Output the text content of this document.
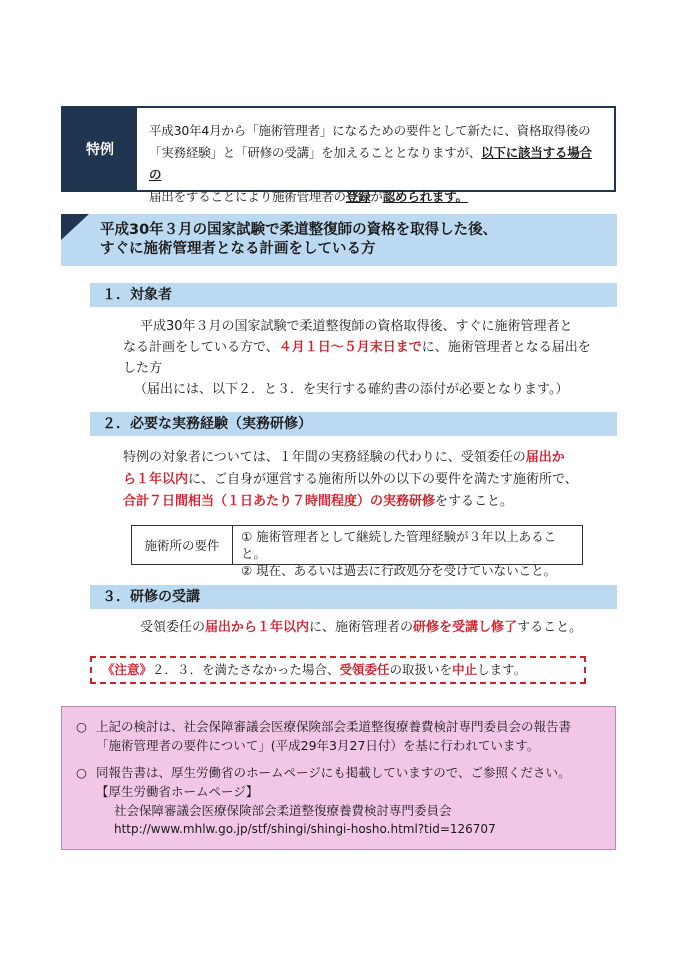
特例
平成30年4月から「施術管理者」になるための要件として新たに、資格取得後の
「実務経験」と「研修の受講」を加えることとなりますが、以下に該当する場合の
届出をすることにより施術管理者の登録が認められます。
平成30年３月の国家試験で柔道整復師の資格を取得した後、
すぐに施術管理者となる計画をしている方
１．対象者
平成30年３月の国家試験で柔道整復師の資格取得後、すぐに施術管理者と
なる計画をしている方で、４月１日～５月末日までに、施術管理者となる届出を
した方
（届出には、以下２．と３．を実行する確約書の添付が必要となります。）
２．必要な実務経験（実務研修）
特例の対象者については、１年間の実務経験の代わりに、受領委任の届出か
ら１年以内に、ご自身が運営する施術所以外の以下の要件を満たす施術所で、
合計７日間相当（１日あたり７時間程度）の実務研修をすること。
施術所の要件
① 施術管理者として継続した管理経験が３年以上あること。
② 現在、あるいは過去に行政処分を受けていないこと。
３．研修の受講
受領委任の届出から１年以内に、施術管理者の研修を受講し修了すること。
《注意》２．３．を満たさなかった場合、受領委任の取扱いを中止します。
○ 上記の検討は、社会保障審議会医療保険部会柔道整復療養費検討専門委員会の報告書
「施術管理者の要件について」(平成29年3月27日付）を基に行われています。
○ 同報告書は、厚生労働省のホームページにも掲載していますので、ご参照ください。
【厚生労働省ホームページ】
社会保障審議会医療保険部会柔道整復療養費検討専門委員会
http://www.mhlw.go.jp/stf/shingi/shingi-hosho.html?tid=126707
